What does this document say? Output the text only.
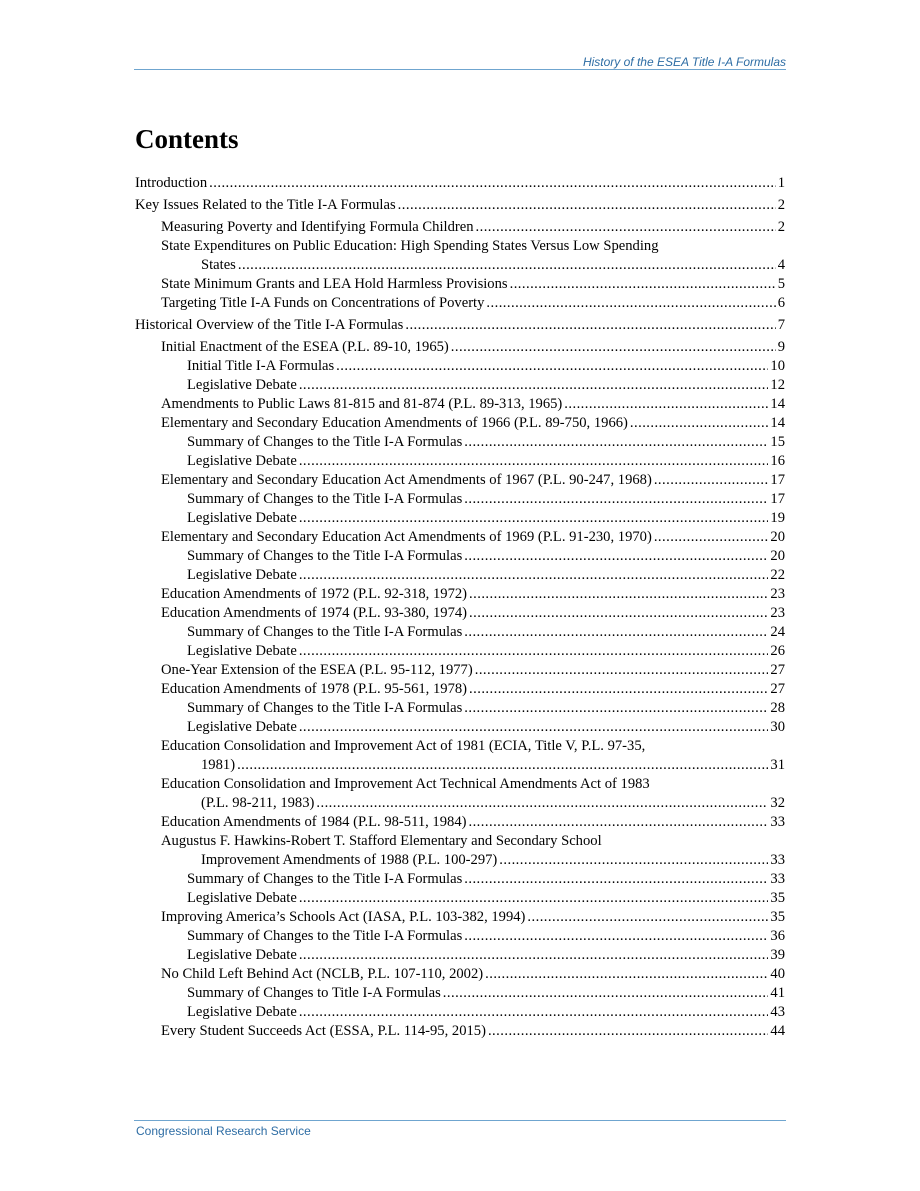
History of the ESEA Title I-A Formulas
Contents
Introduction . . .	1
Key Issues Related to the Title I-A Formulas . . .	2
Measuring Poverty and Identifying Formula Children . . .	2
State Expenditures on Public Education: High Spending States Versus Low Spending
States . . .	4
State Minimum Grants and LEA Hold Harmless Provisions . . .	5
Targeting Title I-A Funds on Concentrations of Poverty . . .	6
Historical Overview of the Title I-A Formulas . . .	7
Initial Enactment of the ESEA (P.L. 89-10, 1965) . . .	9
Initial Title I-A Formulas . . .	10
Legislative Debate . . .	12
Amendments to Public Laws 81-815 and 81-874 (P.L. 89-313, 1965) . . .	14
Elementary and Secondary Education Amendments of 1966 (P.L. 89-750, 1966) . . .	14
Summary of Changes to the Title I-A Formulas . . .	15
Legislative Debate . . .	16
Elementary and Secondary Education Act Amendments of 1967 (P.L. 90-247, 1968) . . .	17
Summary of Changes to the Title I-A Formulas . . .	17
Legislative Debate . . .	19
Elementary and Secondary Education Act Amendments of 1969 (P.L. 91-230, 1970) . . .	20
Summary of Changes to the Title I-A Formulas . . .	20
Legislative Debate . . .	22
Education Amendments of 1972 (P.L. 92-318, 1972) . . .	23
Education Amendments of 1974 (P.L. 93-380, 1974) . . .	23
Summary of Changes to the Title I-A Formulas . . .	24
Legislative Debate . . .	26
One-Year Extension of the ESEA (P.L. 95-112, 1977) . . .	27
Education Amendments of 1978 (P.L. 95-561, 1978) . . .	27
Summary of Changes to the Title I-A Formulas . . .	28
Legislative Debate . . .	30
Education Consolidation and Improvement Act of 1981 (ECIA, Title V, P.L. 97-35,
1981) . . .	31
Education Consolidation and Improvement Act Technical Amendments Act of 1983
(P.L. 98-211, 1983) . . .	32
Education Amendments of 1984 (P.L. 98-511, 1984) . . .	33
Augustus F. Hawkins-Robert T. Stafford Elementary and Secondary School
Improvement Amendments of 1988 (P.L. 100-297) . . .	33
Summary of Changes to the Title I-A Formulas . . .	33
Legislative Debate . . .	35
Improving America’s Schools Act (IASA, P.L. 103-382, 1994) . . .	35
Summary of Changes to the Title I-A Formulas . . .	36
Legislative Debate . . .	39
No Child Left Behind Act (NCLB, P.L. 107-110, 2002) . . .	40
Summary of Changes to Title I-A Formulas . . .	41
Legislative Debate . . .	43
Every Student Succeeds Act (ESSA, P.L. 114-95, 2015) . . .	44
Congressional Research Service
